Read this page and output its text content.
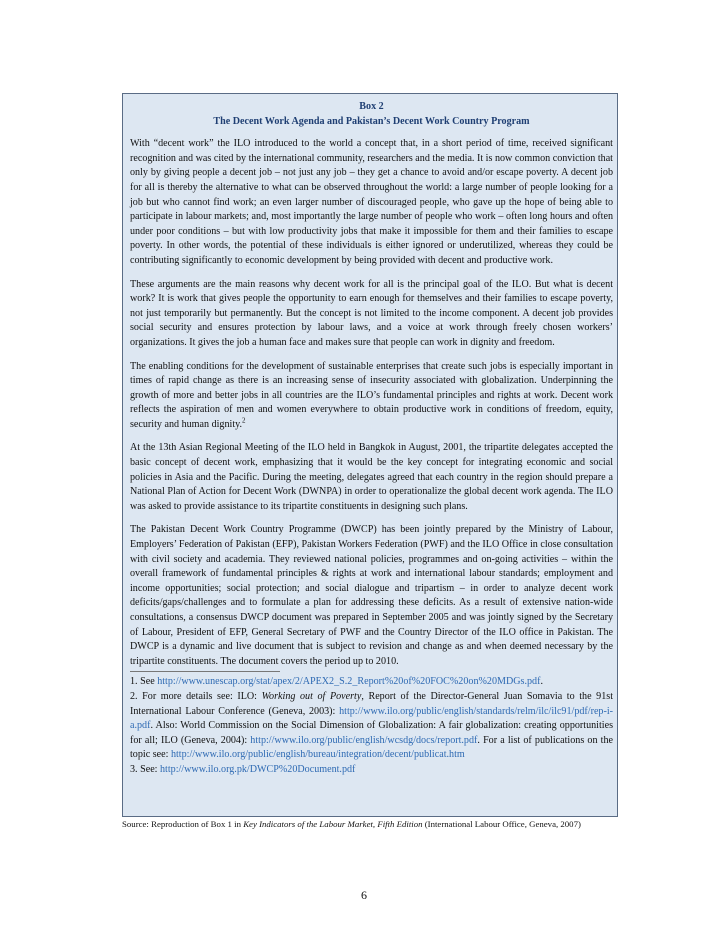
Box 2
The Decent Work Agenda and Pakistan’s Decent Work Country Program

With “decent work” the ILO introduced to the world a concept that, in a short period of time, received significant recognition and was cited by the international community, researchers and the media. It is now common conviction that only by giving people a decent job – not just any job – they get a chance to avoid and/or escape poverty. A decent job for all is thereby the alternative to what can be observed throughout the world: a large number of people looking for a job but who cannot find work; an even larger number of discouraged people, who gave up the hope of being able to participate in labour markets; and, most importantly the large number of people who work – often long hours and often under poor conditions – but with low productivity jobs that make it impossible for them and their families to escape poverty. In other words, the potential of these individuals is either ignored or underutilized, whereas they could be contributing significantly to economic development by being provided with decent and productive work.

These arguments are the main reasons why decent work for all is the principal goal of the ILO. But what is decent work? It is work that gives people the opportunity to earn enough for themselves and their families to escape poverty, not just temporarily but permanently. But the concept is not limited to the income component. A decent job provides social security and ensures protection by labour laws, and a voice at work through freely chosen workers’ organizations. It gives the job a human face and makes sure that people can work in dignity and freedom.

The enabling conditions for the development of sustainable enterprises that create such jobs is especially important in times of rapid change as there is an increasing sense of insecurity associated with globalization. Underpinning the growth of more and better jobs in all countries are the ILO’s fundamental principles and rights at work. Decent work reflects the aspiration of men and women everywhere to obtain productive work in conditions of freedom, equity, security and human dignity.$^2$

At the 13th Asian Regional Meeting of the ILO held in Bangkok in August, 2001, the tripartite delegates accepted the basic concept of decent work, emphasizing that it would be the key concept for integrating economic and social policies in Asia and the Pacific. During the meeting, delegates agreed that each country in the region should prepare a National Plan of Action for Decent Work (DWNPA) in order to operationalize the global decent work agenda. The ILO was asked to provide assistance to its tripartite constituents in designing such plans.

The Pakistan Decent Work Country Programme (DWCP) has been jointly prepared by the Ministry of Labour, Employers’ Federation of Pakistan (EFP), Pakistan Workers Federation (PWF) and the ILO Office in close consultation with civil society and academia. They reviewed national policies, programmes and on-going activities – within the overall framework of fundamental principles & rights at work and international labour standards; employment and income opportunities; social protection; and social dialogue and tripartism – in order to analyze decent work deficits/gaps/challenges and to formulate a plan for addressing these deficits. As a result of extensive nation-wide consultations, a consensus DWCP document was prepared in September 2005 and was jointly signed by the Secretary of Labour, President of EFP, General Secretary of PWF and the Country Director of the ILO office in Pakistan. The DWCP is a dynamic and live document that is subject to revision and change as and when deemed necessary by the tripartite constituents. The document covers the period up to 2010.

1. See http://www.unescap.org/stat/apex/2/APEX2_S.2_Report%20of%20FOC%20on%20MDGs.pdf.

2. For more details see: ILO: Working out of Poverty, Report of the Director-General Juan Somavia to the 91st International Labour Conference (Geneva, 2003): http://www.ilo.org/public/english/standards/relm/ilc/ilc91/pdf/rep-i-a.pdf. Also: World Commission on the Social Dimension of Globalization: A fair globalization: creating opportunities for all; ILO (Geneva, 2004): http://www.ilo.org/public/english/wcsdg/docs/report.pdf. For a list of publications on the topic see: http://www.ilo.org/public/english/bureau/integration/decent/publicat.htm

3. See: http://www.ilo.org.pk/DWCP%20Document.pdf

Source: Reproduction of Box 1 in Key Indicators of the Labour Market, Fifth Edition (International Labour Office, Geneva, 2007)
6
